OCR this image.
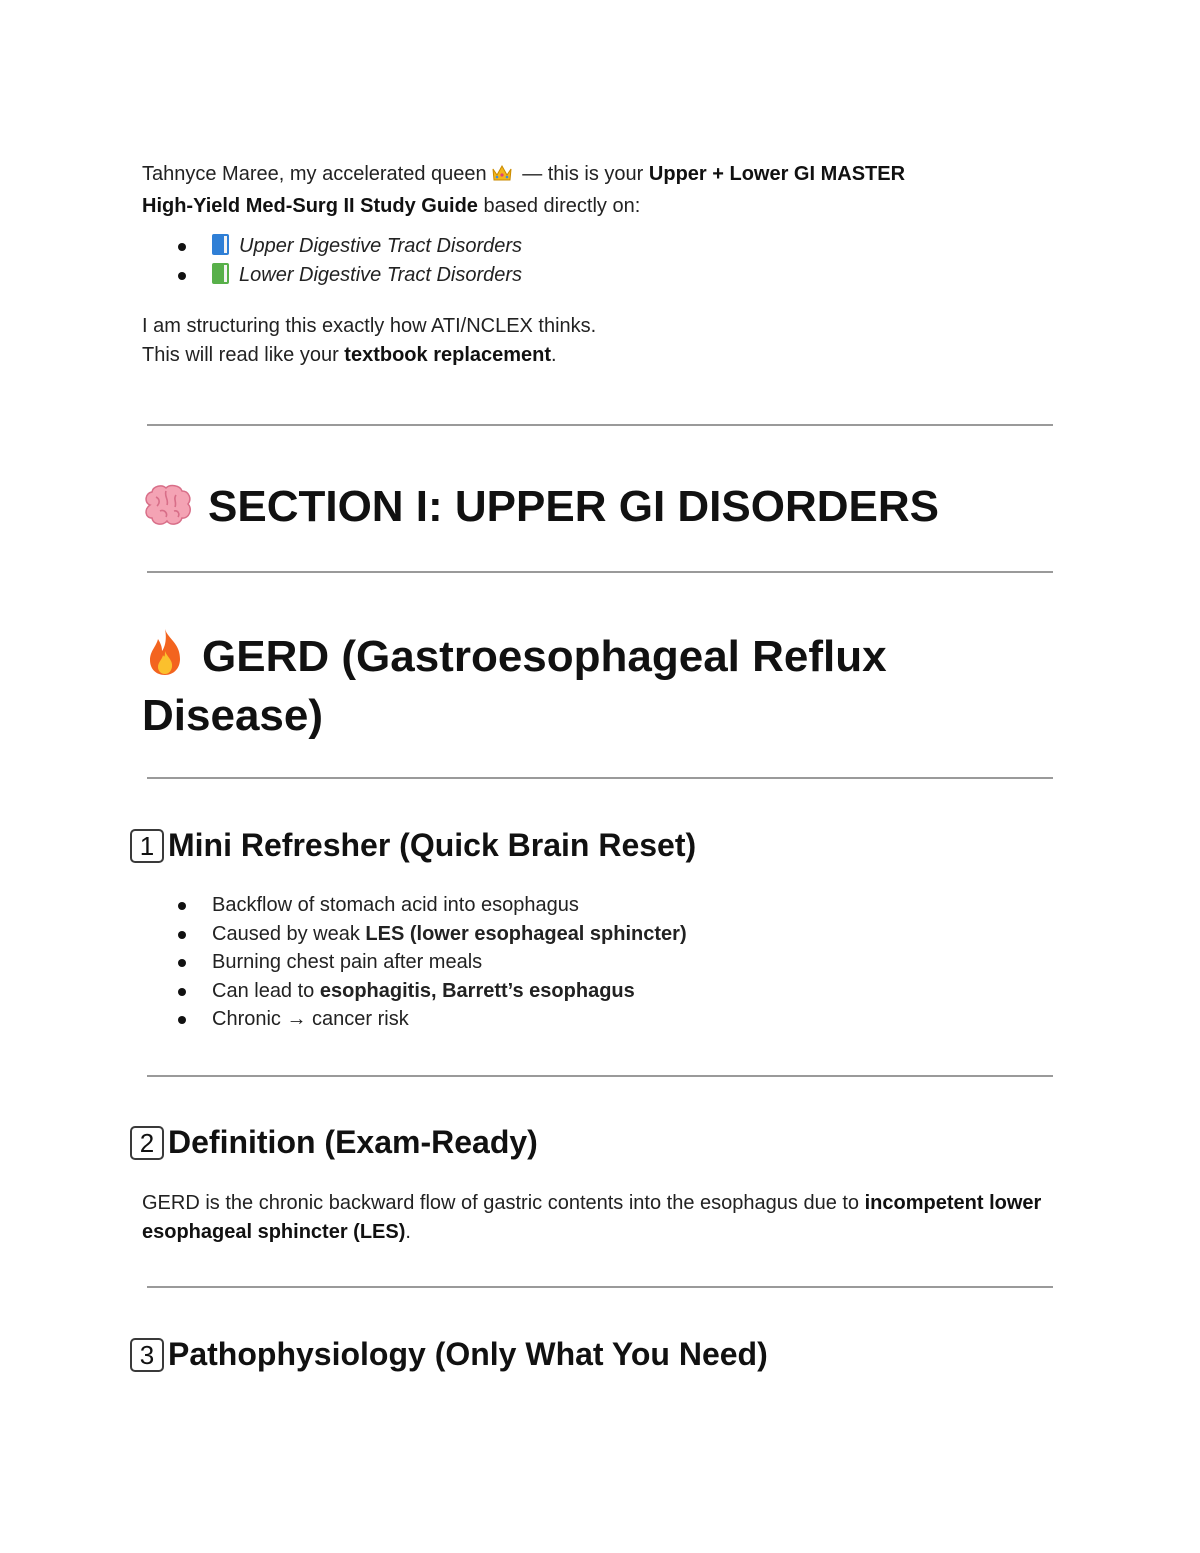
Tahnyce Maree, my accelerated queen — this is your Upper + Lower GI MASTER
High-Yield Med-Surg II Study Guide based directly on:

Upper Digestive Tract Disorders
Lower Digestive Tract Disorders

I am structuring this exactly how ATI/NCLEX thinks.
This will read like your textbook replacement.

SECTION I: UPPER GI DISORDERS
GERD (Gastroesophageal Reflux Disease)
1 Mini Refresher (Quick Brain Reset)
Backflow of stomach acid into esophagus
Caused by weak LES (lower esophageal sphincter)
Burning chest pain after meals
Can lead to esophagitis, Barrett’s esophagus
Chronic → cancer risk
2 Definition (Exam-Ready)

GERD is the chronic backward flow of gastric contents into the esophagus due to incompetent lower esophageal sphincter (LES).

3 Pathophysiology (Only What You Need)
